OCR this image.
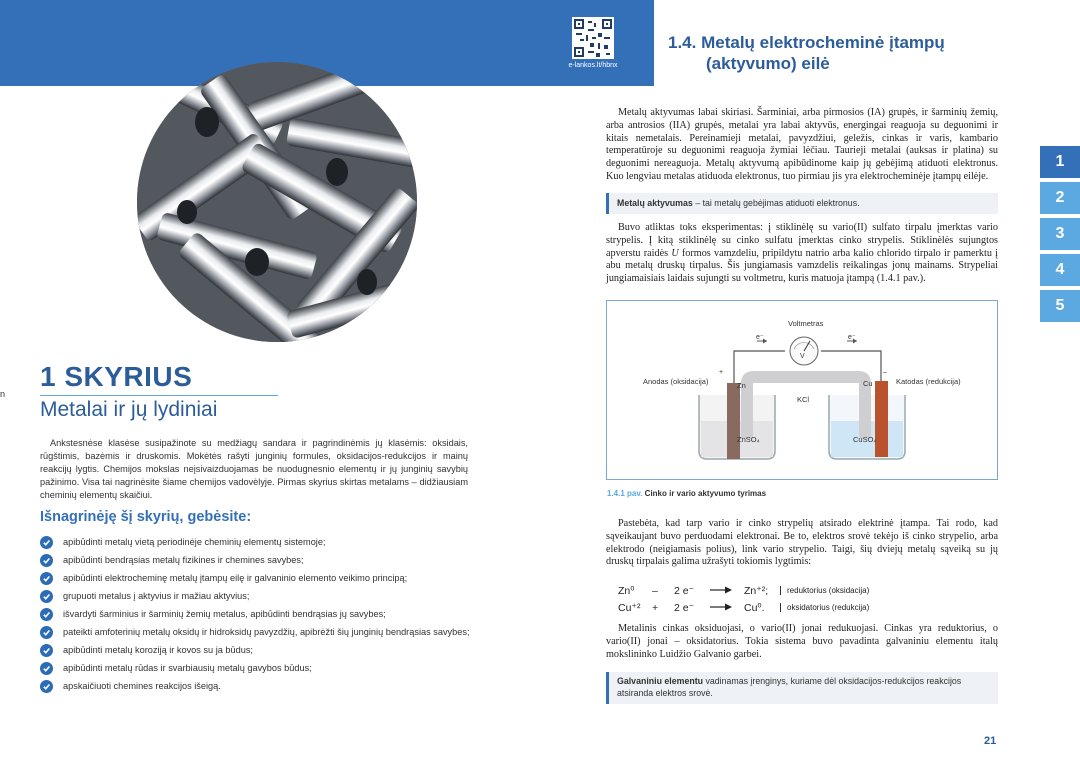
e-lankos.lt/hbnx
1.4. Metalų elektrocheminė įtampų
(aktyvumo) eilė
1
2
3
4
5
n
1 SKYRIUS
Metalai ir jų lydiniai
Ankstesnėse klasėse susipažinote su medžiagų sandara ir pagrindinėmis jų klasėmis: oksidais, rūgštimis, bazėmis ir druskomis. Mokėtės rašyti junginių formules, oksidacijos-redukcijos ir mainų reakcijų lygtis. Chemijos mokslas neįsivaizduojamas be nuodugnesnio elementų ir jų junginių savybių pažinimo. Visa tai nagrinėsite šiame chemijos vadovėlyje. Pirmas skyrius skirtas metalams – didžiausiam cheminių elementų skaičiui.
Išnagrinėję šį skyrių, gebėsite:
apibūdinti metalų vietą periodinėje cheminių elementų sistemoje;
apibūdinti bendrąsias metalų fizikines ir chemines savybes;
apibūdinti elektrocheminę metalų įtampų eilę ir galvaninio elemento veikimo principą;
grupuoti metalus į aktyvius ir mažiau aktyvius;
išvardyti šarminius ir šarminių žemių metalus, apibūdinti bendrąsias jų savybes;
pateikti amfoterinių metalų oksidų ir hidroksidų pavyzdžių, apibrėžti šių junginių bendrąsias savybes;
apibūdinti metalų koroziją ir kovos su ja būdus;
apibūdinti metalų rūdas ir svarbiausių metalų gavybos būdus;
apskaičiuoti chemines reakcijos išeigą.
Metalų aktyvumas labai skiriasi. Šarminiai, arba pirmosios (IA) grupės, ir šarminių žemių, arba antrosios (IIA) grupės, metalai yra labai aktyvūs, energingai reaguoja su deguonimi ir kitais nemetalais. Pereinamieji metalai, pavyzdžiui, geležis, cinkas ir varis, kambario temperatūroje su deguonimi reaguoja žymiai lėčiau. Taurieji metalai (auksas ir platina) su deguonimi nereaguoja. Metalų aktyvumą apibūdinome kaip jų gebėjimą atiduoti elektronus. Kuo lengviau metalas atiduoda elektronus, tuo pirmiau jis yra elektrocheminėje įtampų eilėje.
Metalų aktyvumas – tai metalų gebėjimas atiduoti elektronus.
Buvo atliktas toks eksperimentas: į stiklinėlę su vario(II) sulfato tirpalu įmerktas vario strypelis. Į kitą stiklinėlę su cinko sulfatu įmerktas cinko strypelis. Stiklinėlės sujungtos apverstu raidės U formos vamzdeliu, pripildytu natrio arba kalio chlorido tirpalo ir pamerktu į abu metalų druskų tirpalus. Šis jungiamasis vamzdelis reikalingas jonų mainams. Strypeliai jungiamaisiais laidais sujungti su voltmetru, kuris matuoja įtampą (1.4.1 pav.).
Voltmetras
V
e⁻	e⁻
+	–
Anodas (oksidacija)	Katodas (redukcija)
Zn	Cu
KCl
ZnSO₄	CuSO₄
1.4.1 pav. Cinko ir vario aktyvumo tyrimas
Pastebėta, kad tarp vario ir cinko strypelių atsirado elektrinė įtampa. Tai rodo, kad sąveikaujant buvo perduodami elektronai. Be to, elektros srovė tekėjo iš cinko strypelio, arba elektrodo (neigiamasis polius), link vario strypelio. Taigi, šių dviejų metalų sąveiką su jų druskų tirpalais galima užrašyti tokiomis lygtimis:
Zn⁰	–	2 e⁻	Zn⁺²;	reduktorius (oksidacija)
Cu⁺²	+	2 e⁻	Cu⁰.	oksidatorius (redukcija)
Metalinis cinkas oksiduojasi, o vario(II) jonai redukuojasi. Cinkas yra reduktorius, o vario(II) jonai – oksidatorius. Tokia sistema buvo pavadinta galvaniniu elementu italų mokslininko Luidžio Galvanio garbei.
Galvaniniu elementu vadinamas įrenginys, kuriame dėl oksidacijos-redukcijos reakcijos atsiranda elektros srovė.
21
